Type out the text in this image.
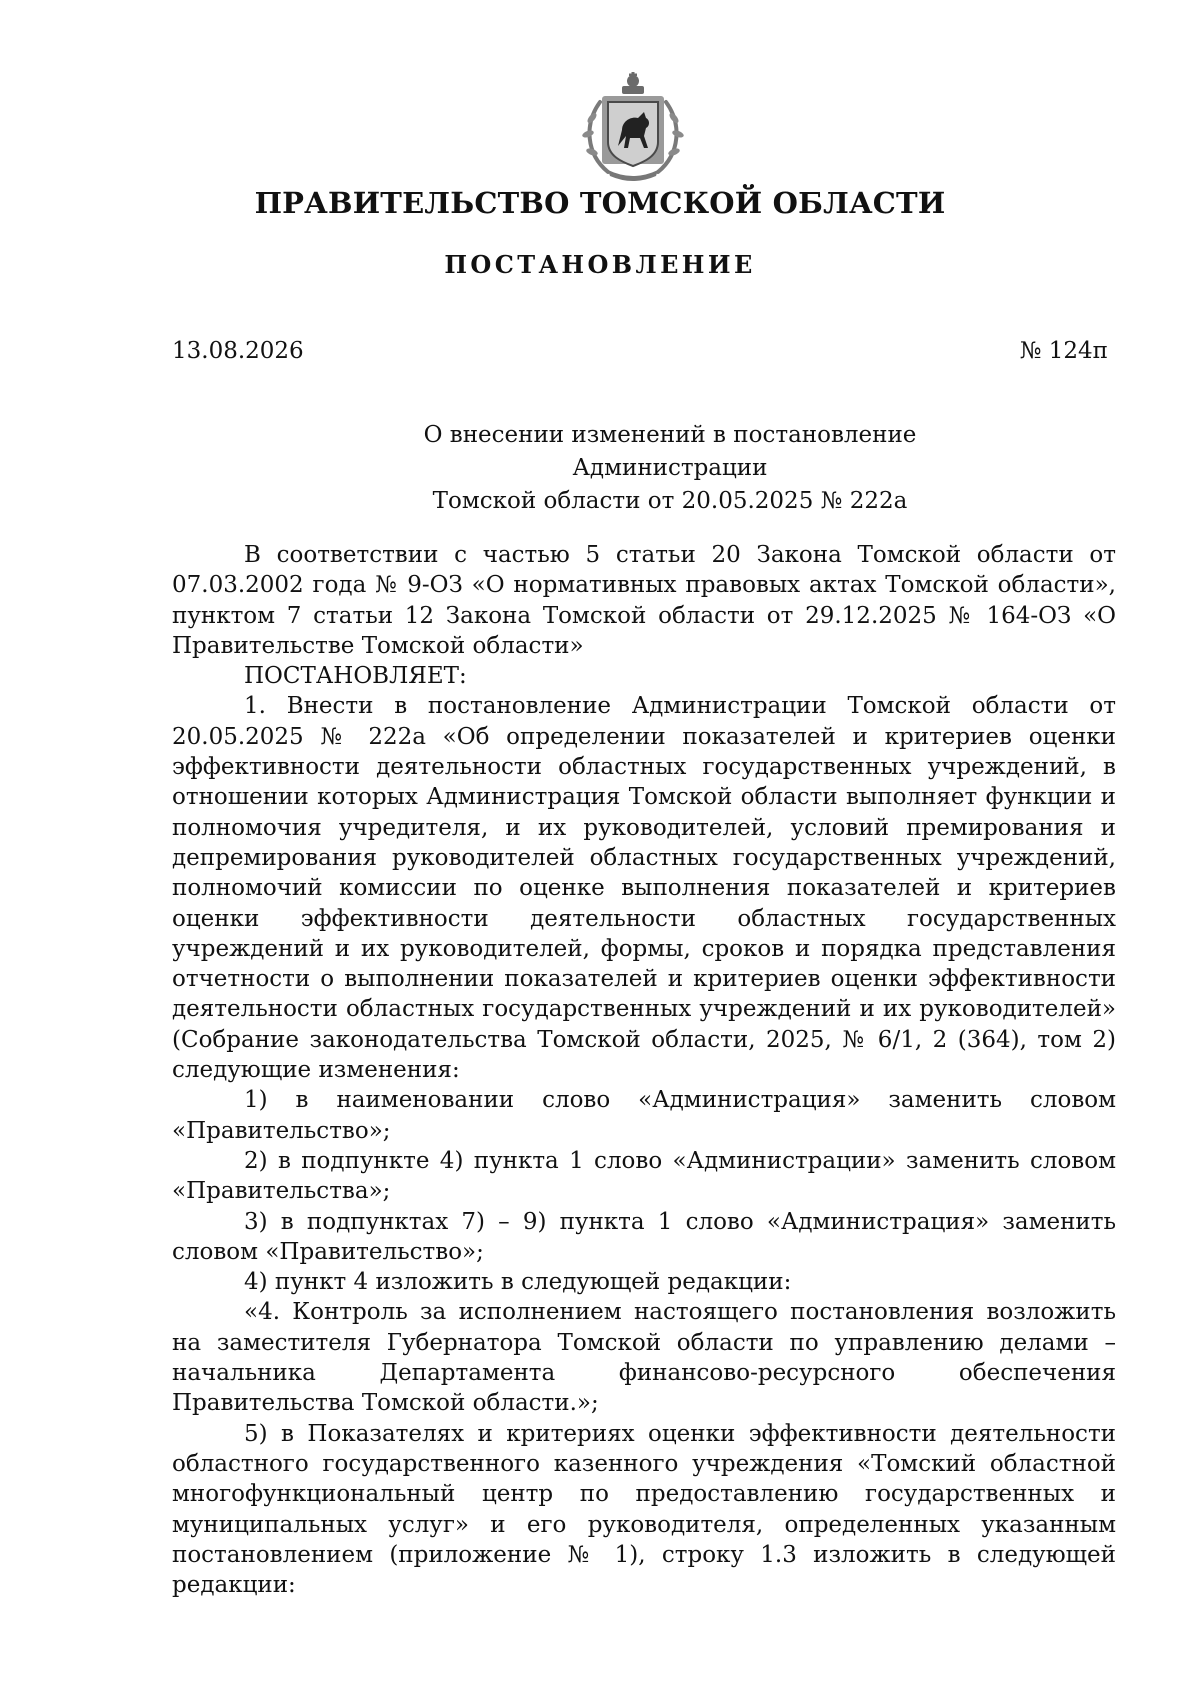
ПРАВИТЕЛЬСТВО ТОМСКОЙ ОБЛАСТИ
ПОСТАНОВЛЕНИЕ
13.08.2026	№ 124п
О внесении изменений в постановление Администрации
Томской области от 20.05.2025 № 222а

В соответствии с частью 5 статьи 20 Закона Томской области от 07.03.2002 года № 9-ОЗ «О нормативных правовых актах Томской области», пунктом 7 статьи 12 Закона Томской области от 29.12.2025 № 164-ОЗ «О Правительстве Томской области»

ПОСТАНОВЛЯЕТ:

1. Внести в постановление Администрации Томской области от 20.05.2025 № 222а «Об определении показателей и критериев оценки эффективности деятельности областных государственных учреждений, в отношении которых Администрация Томской области выполняет функции и полномочия учредителя, и их руководителей, условий премирования и депремирования руководителей областных государственных учреждений, полномочий комиссии по оценке выполнения показателей и критериев оценки эффективности деятельности областных государственных учреждений и их руководителей, формы, сроков и порядка представления отчетности о выполнении показателей и критериев оценки эффективности деятельности областных государственных учреждений и их руководителей» (Собрание законодательства Томской области, 2025, № 6/1, 2 (364), том 2) следующие изменения:

1) в наименовании слово «Администрация» заменить словом «Правительство»;

2) в подпункте 4) пункта 1 слово «Администрации» заменить словом «Правительства»;

3) в подпунктах 7) – 9) пункта 1 слово «Администрация» заменить словом «Правительство»;

4) пункт 4 изложить в следующей редакции:

«4. Контроль за исполнением настоящего постановления возложить на заместителя Губернатора Томской области по управлению делами – начальника Департамента финансово-ресурсного обеспечения Правительства Томской области.»;

5) в Показателях и критериях оценки эффективности деятельности областного государственного казенного учреждения «Томский областной многофункциональный центр по предоставлению государственных и муниципальных услуг» и его руководителя, определенных указанным постановлением (приложение № 1), строку 1.3 изложить в следующей редакции:
